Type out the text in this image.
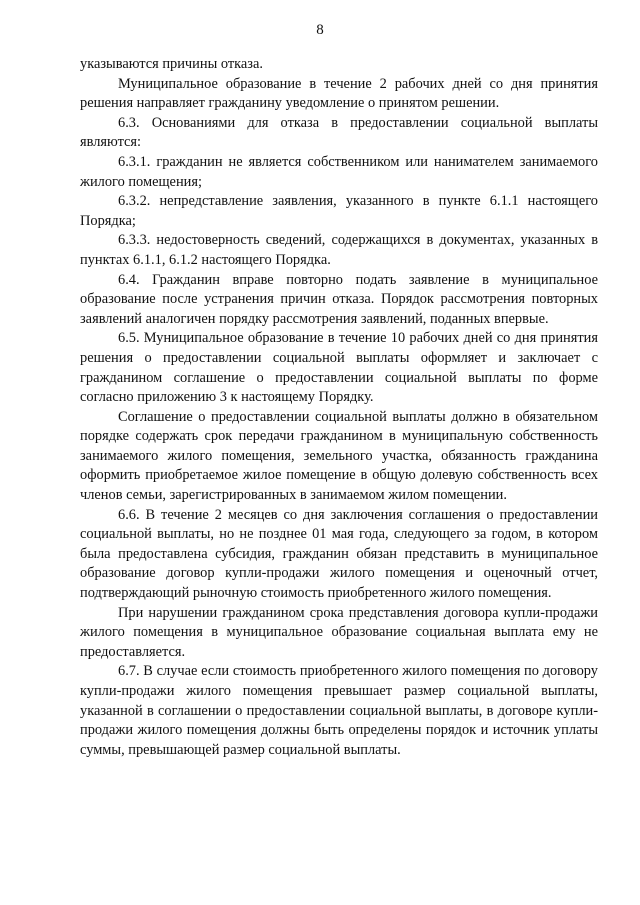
8

указываются причины отказа.

Муниципальное образование в течение 2 рабочих дней со дня принятия решения направляет гражданину уведомление о принятом решении.

6.3. Основаниями для отказа в предоставлении социальной выплаты являются:

6.3.1. гражданин не является собственником или нанимателем занимаемого жилого помещения;

6.3.2. непредставление заявления, указанного в пункте 6.1.1 настоящего Порядка;

6.3.3. недостоверность сведений, содержащихся в документах, указанных в пунктах 6.1.1, 6.1.2 настоящего Порядка.

6.4. Гражданин вправе повторно подать заявление в муниципальное образование после устранения причин отказа. Порядок рассмотрения повторных заявлений аналогичен порядку рассмотрения заявлений, поданных впервые.

6.5. Муниципальное образование в течение 10 рабочих дней со дня принятия решения о предоставлении социальной выплаты оформляет и заключает с гражданином соглашение о предоставлении социальной выплаты по форме согласно приложению 3 к настоящему Порядку.

Соглашение о предоставлении социальной выплаты должно в обязательном порядке содержать срок передачи гражданином в муниципальную собственность занимаемого жилого помещения, земельного участка, обязанность гражданина оформить приобретаемое жилое помещение в общую долевую собственность всех членов семьи, зарегистрированных в занимаемом жилом помещении.

6.6. В течение 2 месяцев со дня заключения соглашения о предоставлении социальной выплаты, но не позднее 01 мая года, следующего за годом, в котором была предоставлена субсидия, гражданин обязан представить в муниципальное образование договор купли-продажи жилого помещения и оценочный отчет, подтверждающий рыночную стоимость приобретенного жилого помещения.

При нарушении гражданином срока представления договора купли-продажи жилого помещения в муниципальное образование социальная выплата ему не предоставляется.

6.7. В случае если стоимость приобретенного жилого помещения по договору купли-продажи жилого помещения превышает размер социальной выплаты, указанной в соглашении о предоставлении социальной выплаты, в договоре купли-продажи жилого помещения должны быть определены порядок и источник уплаты суммы, превышающей размер социальной выплаты.
